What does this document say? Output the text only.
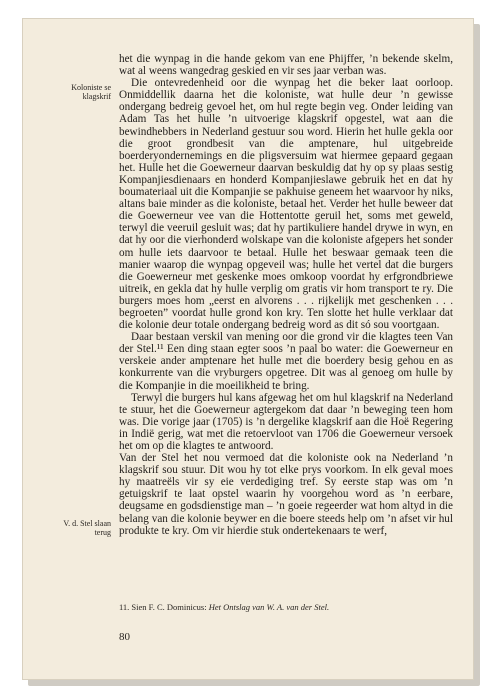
Koloniste se
klagskrif
V. d. Stel slaan
terug

het die wynpag in die hande gekom van ene Phijffer, ’n bekende skelm, wat al weens wangedrag geskied en vir ses jaar verban was.

Die ontevredenheid oor die wynpag het die beker laat oorloop. Onmiddellik daarna het die koloniste, wat hulle deur ’n gewisse ondergang bedreig gevoel het, om hul regte begin veg. Onder leiding van Adam Tas het hulle ’n uitvoerige klagskrif opgestel, wat aan die bewindhebbers in Nederland gestuur sou word. Hierin het hulle gekla oor die groot grondbesit van die amptenare, hul uitgebreide boerderyondernemings en die pligsversuim wat hiermee gepaard gegaan het. Hulle het die Goewerneur daarvan beskuldig dat hy op sy plaas sestig Kompanjiesdienaars en honderd Kompanjieslawe gebruik het en dat hy boumateriaal uit die Kompanjie se pakhuise geneem het waarvoor hy niks, altans baie minder as die koloniste, betaal het. Verder het hulle beweer dat die Goewerneur vee van die Hottentotte geruil het, soms met geweld, terwyl die veeruil gesluit was; dat hy partikuliere handel drywe in wyn, en dat hy oor die vierhonderd wolskape van die koloniste afgepers het sonder om hulle iets daarvoor te betaal. Hulle het beswaar gemaak teen die manier waarop die wynpag opgeveil was; hulle het vertel dat die burgers die Goewerneur met geskenke moes omkoop voordat hy erfgrondbriewe uitreik, en gekla dat hy hulle verplig om gratis vir hom transport te ry. Die burgers moes hom „eerst en alvorens . . . rijkelijk met geschenken . . . begroeten” voordat hulle grond kon kry. Ten slotte het hulle verklaar dat die kolonie deur totale ondergang bedreig word as dit só sou voortgaan.

Daar bestaan verskil van mening oor die grond vir die klagtes teen Van der Stel.¹¹ Een ding staan egter soos ’n paal bo water: die Goewerneur en verskeie ander amptenare het hulle met die boerdery besig gehou en as konkurrente van die vryburgers opgetree. Dit was al genoeg om hulle by die Kompanjie in die moeilikheid te bring.

Terwyl die burgers hul kans afgewag het om hul klagskrif na Nederland te stuur, het die Goewerneur agtergekom dat daar ’n beweging teen hom was. Die vorige jaar (1705) is ’n dergelike klagskrif aan die Hoë Regering in Indië gerig, wat met die retoervloot van 1706 die Goewerneur versoek het om op die klagtes te antwoord.

Van der Stel het nou vermoed dat die koloniste ook na Nederland ’n klagskrif sou stuur. Dit wou hy tot elke prys voorkom. In elk geval moes hy maatreëls vir sy eie verdediging tref. Sy eerste stap was om ’n getuigskrif te laat opstel waarin hy voorgehou word as ’n eerbare, deugsame en godsdienstige man – ’n goeie regeerder wat hom altyd in die belang van die kolonie beywer en die boere steeds help om ’n afset vir hul produkte te kry. Om vir hierdie stuk ondertekenaars te werf,

11. Sien F. C. Dominicus: Het Ontslag van W. A. van der Stel.
80
